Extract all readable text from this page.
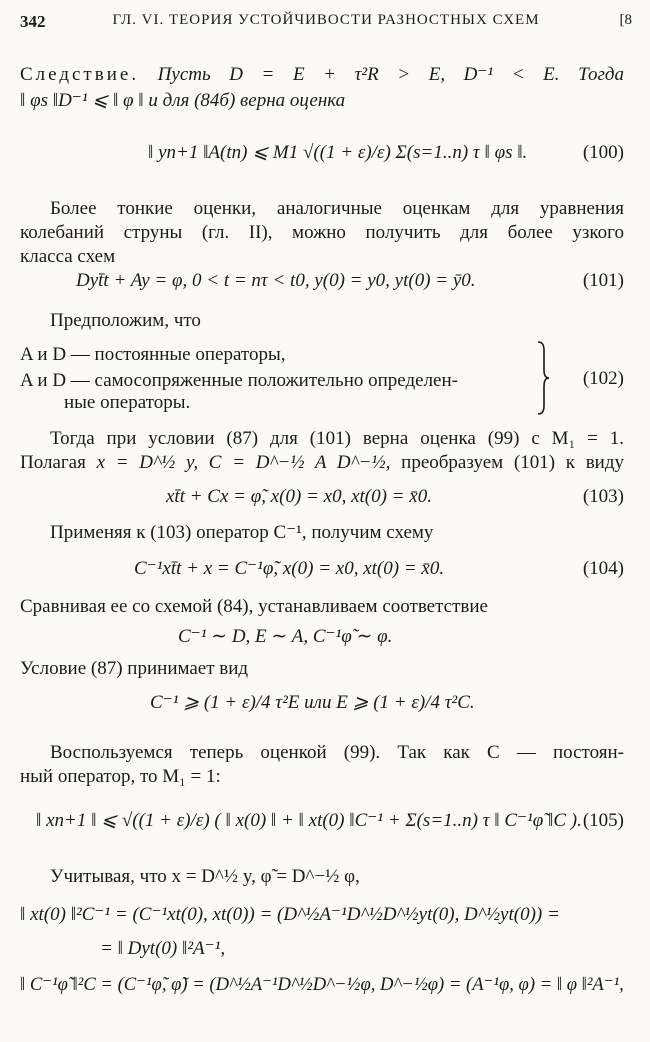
342	ГЛ. VI. ТЕОРИЯ УСТОЙЧИВОСТИ РАЗНОСТНЫХ СХЕМ	[8
Следствие. Пусть D = E + τ²R > E, D⁻¹ < E. Тогда
‖ φs ‖D⁻¹ ⩽ ‖ φ ‖ и для (84б) верна оценка
‖ yn+1 ‖A(tn) ⩽ M1 √((1 + ε)/ε) Σ(s=1..n) τ ‖ φs ‖.	(100)
Более тонкие оценки, аналогичные оценкам для уравнения
колебаний струны (гл. II), можно получить для более узкого
класса схем
Dyt̄t + Ay = φ, 0 < t = nτ < t0, y(0) = y0, yt(0) = ȳ0.	(101)
Предположим, что
A и D — постоянные операторы,
A и D — самосопряженные положительно определен-
ные операторы.
(102)
Тогда при условии (87) для (101) верна оценка (99) с M₁ = 1.
Полагая x = D^½ y, C = D^−½ A D^−½, преобразуем (101) к виду
xt̄t + Cx = φ̃, x(0) = x0, xt(0) = x̄0.	(103)
Применяя к (103) оператор C⁻¹, получим схему
C⁻¹xt̄t + x = C⁻¹φ̃, x(0) = x0, xt(0) = x̄0.	(104)
Сравнивая ее со схемой (84), устанавливаем соответствие
C⁻¹ ∼ D, E ∼ A, C⁻¹φ̃ ∼ φ.
Условие (87) принимает вид
C⁻¹ ⩾ (1 + ε)/4 τ²E или E ⩾ (1 + ε)/4 τ²C.
Воспользуемся теперь оценкой (99). Так как C — постоян-
ный оператор, то M₁ = 1:
‖ xn+1 ‖ ⩽ √((1 + ε)/ε) ( ‖ x(0) ‖ + ‖ xt(0) ‖C⁻¹ + Σ(s=1..n) τ ‖ C⁻¹φ̃ ‖C ). (105)
Учитывая, что x = D^½ y, φ̃ = D^−½ φ,
‖ xt(0) ‖²C⁻¹ = (C⁻¹xt(0), xt(0)) = (D^½A⁻¹D^½D^½yt(0), D^½yt(0)) =
= ‖ Dyt(0) ‖²A⁻¹,
‖ C⁻¹φ̃ ‖²C = (C⁻¹φ̃, φ̃) = (D^½A⁻¹D^½D^−½φ, D^−½φ) = (A⁻¹φ, φ) = ‖ φ ‖²A⁻¹,
